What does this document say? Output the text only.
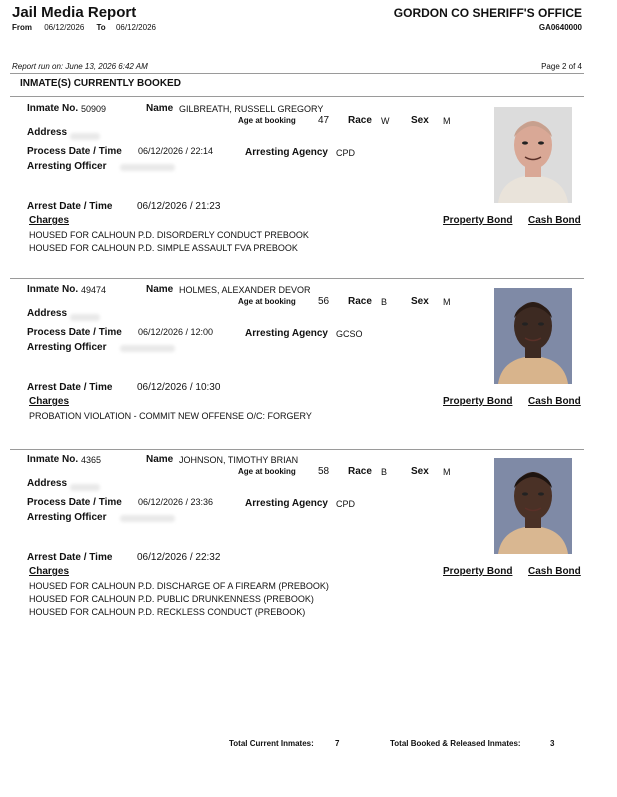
Jail Media Report
From 06/12/2026 To 06/12/2026
GORDON CO SHERIFF'S OFFICE
GA0640000
Report run on: June 13, 2026 6:42 AM	Page 2 of 4
INMATE(S) CURRENTLY BOOKED
Inmate No. 50909	Name GILBREATH, RUSSELL GREGORY
Age at booking 47 Race W Sex M
Address
Process Date / Time 06/12/2026 / 22:14	Arresting Agency CPD
Arresting Officer
Arrest Date / Time 06/12/2026 / 21:23
Charges	Property Bond Cash Bond
HOUSED FOR CALHOUN P.D. DISORDERLY CONDUCT PREBOOK
HOUSED FOR CALHOUN P.D. SIMPLE ASSAULT FVA PREBOOK
Inmate No. 49474	Name HOLMES, ALEXANDER DEVOR
Age at booking 56 Race B Sex M
Address
Process Date / Time 06/12/2026 / 12:00	Arresting Agency GCSO
Arresting Officer
Arrest Date / Time 06/12/2026 / 10:30
Charges	Property Bond Cash Bond
PROBATION VIOLATION - COMMIT NEW OFFENSE O/C: FORGERY
Inmate No. 4365	Name JOHNSON, TIMOTHY BRIAN
Age at booking 58 Race B Sex M
Address
Process Date / Time 06/12/2026 / 23:36	Arresting Agency CPD
Arresting Officer
Arrest Date / Time 06/12/2026 / 22:32
Charges	Property Bond Cash Bond
HOUSED FOR CALHOUN P.D. DISCHARGE OF A FIREARM (PREBOOK)
HOUSED FOR CALHOUN P.D. PUBLIC DRUNKENNESS (PREBOOK)
HOUSED FOR CALHOUN P.D. RECKLESS CONDUCT (PREBOOK)
Total Current Inmates:	7	Total Booked & Released Inmates:	3
